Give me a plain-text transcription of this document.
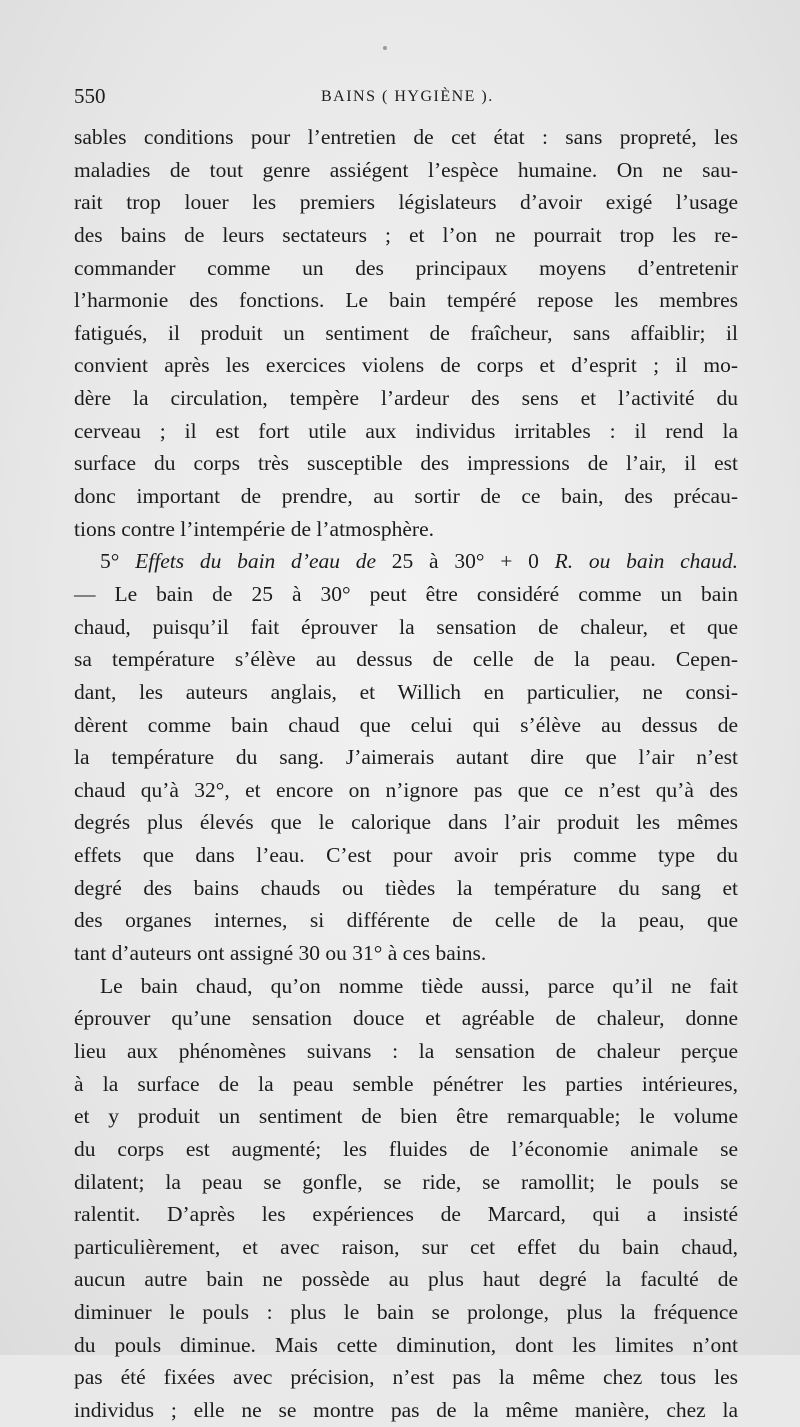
550	BAINS ( HYGIÈNE ).
sables conditions pour l’entretien de cet état : sans propreté, les
maladies de tout genre assiégent l’espèce humaine. On ne sau-
rait trop louer les premiers législateurs d’avoir exigé l’usage
des bains de leurs sectateurs ; et l’on ne pourrait trop les re-
commander comme un des principaux moyens d’entretenir
l’harmonie des fonctions. Le bain tempéré repose les membres
fatigués, il produit un sentiment de fraîcheur, sans affaiblir; il
convient après les exercices violens de corps et d’esprit ; il mo-
dère la circulation, tempère l’ardeur des sens et l’activité du
cerveau ; il est fort utile aux individus irritables : il rend la
surface du corps très susceptible des impressions de l’air, il est
donc important de prendre, au sortir de ce bain, des précau-
tions contre l’intempérie de l’atmosphère.
5° Effets du bain d’eau de 25 à 30° + 0 R. ou bain chaud.
— Le bain de 25 à 30° peut être considéré comme un bain
chaud, puisqu’il fait éprouver la sensation de chaleur, et que
sa température s’élève au dessus de celle de la peau. Cepen-
dant, les auteurs anglais, et Willich en particulier, ne consi-
dèrent comme bain chaud que celui qui s’élève au dessus de
la température du sang. J’aimerais autant dire que l’air n’est
chaud qu’à 32°, et encore on n’ignore pas que ce n’est qu’à des
degrés plus élevés que le calorique dans l’air produit les mêmes
effets que dans l’eau. C’est pour avoir pris comme type du
degré des bains chauds ou tièdes la température du sang et
des organes internes, si différente de celle de la peau, que
tant d’auteurs ont assigné 30 ou 31° à ces bains.
Le bain chaud, qu’on nomme tiède aussi, parce qu’il ne fait
éprouver qu’une sensation douce et agréable de chaleur, donne
lieu aux phénomènes suivans : la sensation de chaleur perçue
à la surface de la peau semble pénétrer les parties intérieures,
et y produit un sentiment de bien être remarquable; le volume
du corps est augmenté; les fluides de l’économie animale se
dilatent; la peau se gonfle, se ride, se ramollit; le pouls se
ralentit. D’après les expériences de Marcard, qui a insisté
particulièrement, et avec raison, sur cet effet du bain chaud,
aucun autre bain ne possède au plus haut degré la faculté de
diminuer le pouls : plus le bain se prolonge, plus la fréquence
du pouls diminue. Mais cette diminution, dont les limites n’ont
pas été fixées avec précision, n’est pas la même chez tous les
individus ; elle ne se montre pas de la même manière, chez la
